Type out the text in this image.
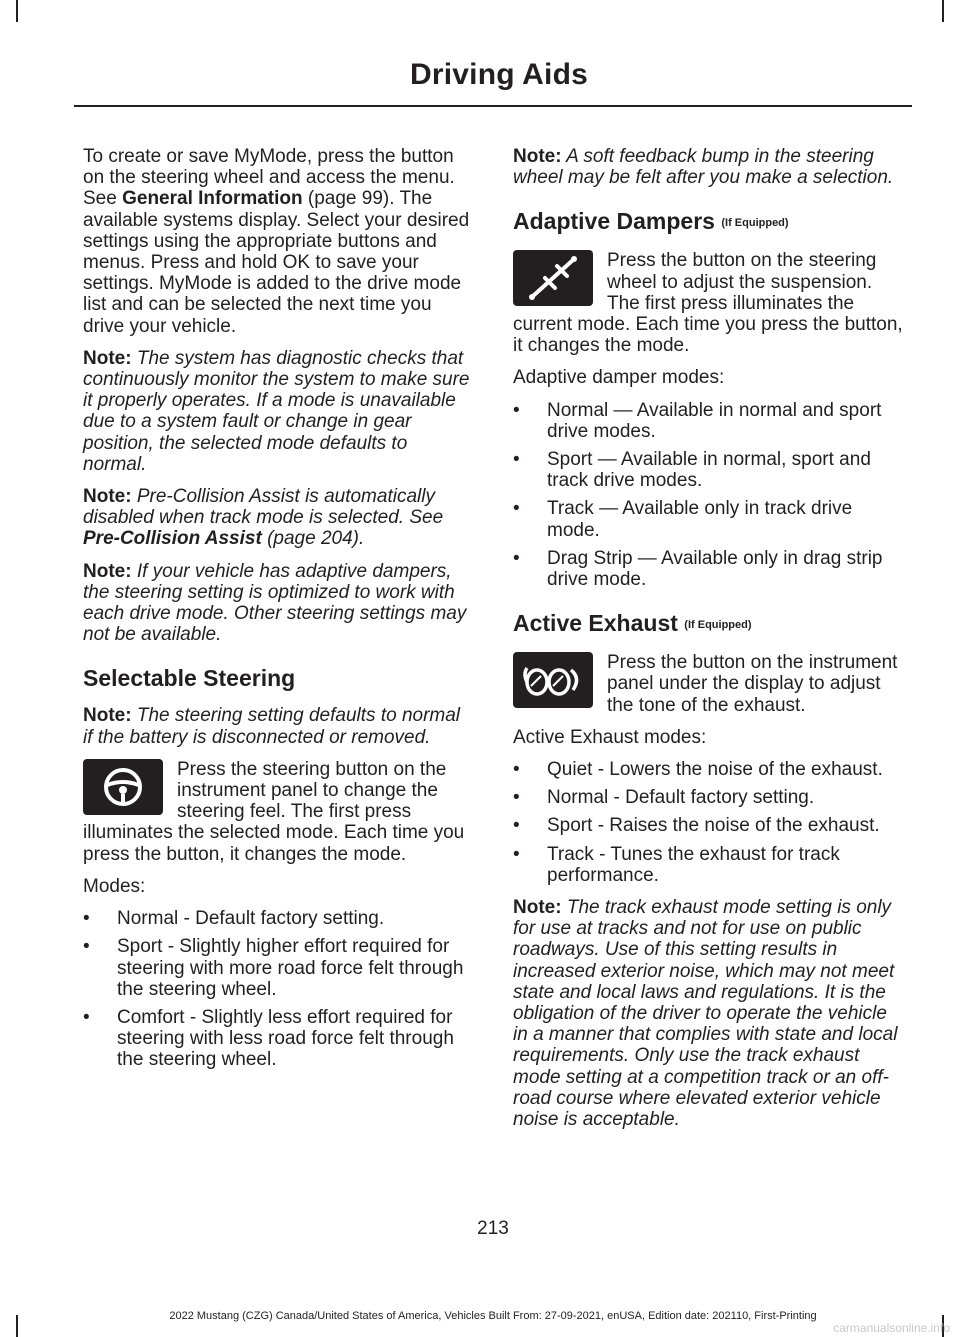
Driving Aids

To create or save MyMode, press the button on the steering wheel and access the menu. See General Information (page 99). The available systems display. Select your desired settings using the appropriate buttons and menus. Press and hold OK to save your settings. MyMode is added to the drive mode list and can be selected the next time you drive your vehicle.

Note: The system has diagnostic checks that continuously monitor the system to make sure it properly operates. If a mode is unavailable due to a system fault or change in gear position, the selected mode defaults to normal.

Note: Pre-Collision Assist is automatically disabled when track mode is selected. See Pre-Collision Assist (page 204).

Note: If your vehicle has adaptive dampers, the steering setting is optimized to work with each drive mode. Other steering settings may not be available.

Selectable Steering

Note: The steering setting defaults to normal if the battery is disconnected or removed.

Press the steering button on the instrument panel to change the steering feel. The first press illuminates the selected mode. Each time you press the button, it changes the mode.

Modes:

• Normal - Default factory setting.
• Sport - Slightly higher effort required for steering with more road force felt through the steering wheel.
• Comfort - Slightly less effort required for steering with less road force felt through the steering wheel.

Note: A soft feedback bump in the steering wheel may be felt after you make a selection.

Adaptive Dampers (If Equipped)
Press the button on the steering wheel to adjust the suspension. The first press illuminates the current mode. Each time you press the button, it changes the mode.

Adaptive damper modes:

• Normal — Available in normal and sport drive modes.
• Sport — Available in normal, sport and track drive modes.
• Track — Available only in track drive mode.
• Drag Strip — Available only in drag strip drive mode.
Active Exhaust (If Equipped)
Press the button on the instrument panel under the display to adjust the tone of the exhaust.

Active Exhaust modes:

• Quiet - Lowers the noise of the exhaust.
• Normal - Default factory setting.
• Sport - Raises the noise of the exhaust.
• Track - Tunes the exhaust for track performance.

Note: The track exhaust mode setting is only for use at tracks and not for use on public roadways. Use of this setting results in increased exterior noise, which may not meet state and local laws and regulations. It is the obligation of the driver to operate the vehicle in a manner that complies with state and local requirements. Only use the track exhaust mode setting at a competition track or an off-road course where elevated exterior vehicle noise is acceptable.

213
2022 Mustang (CZG) Canada/United States of America, Vehicles Built From: 27-09-2021, enUSA, Edition date: 202110, First-Printing
carmanualsonline.info
